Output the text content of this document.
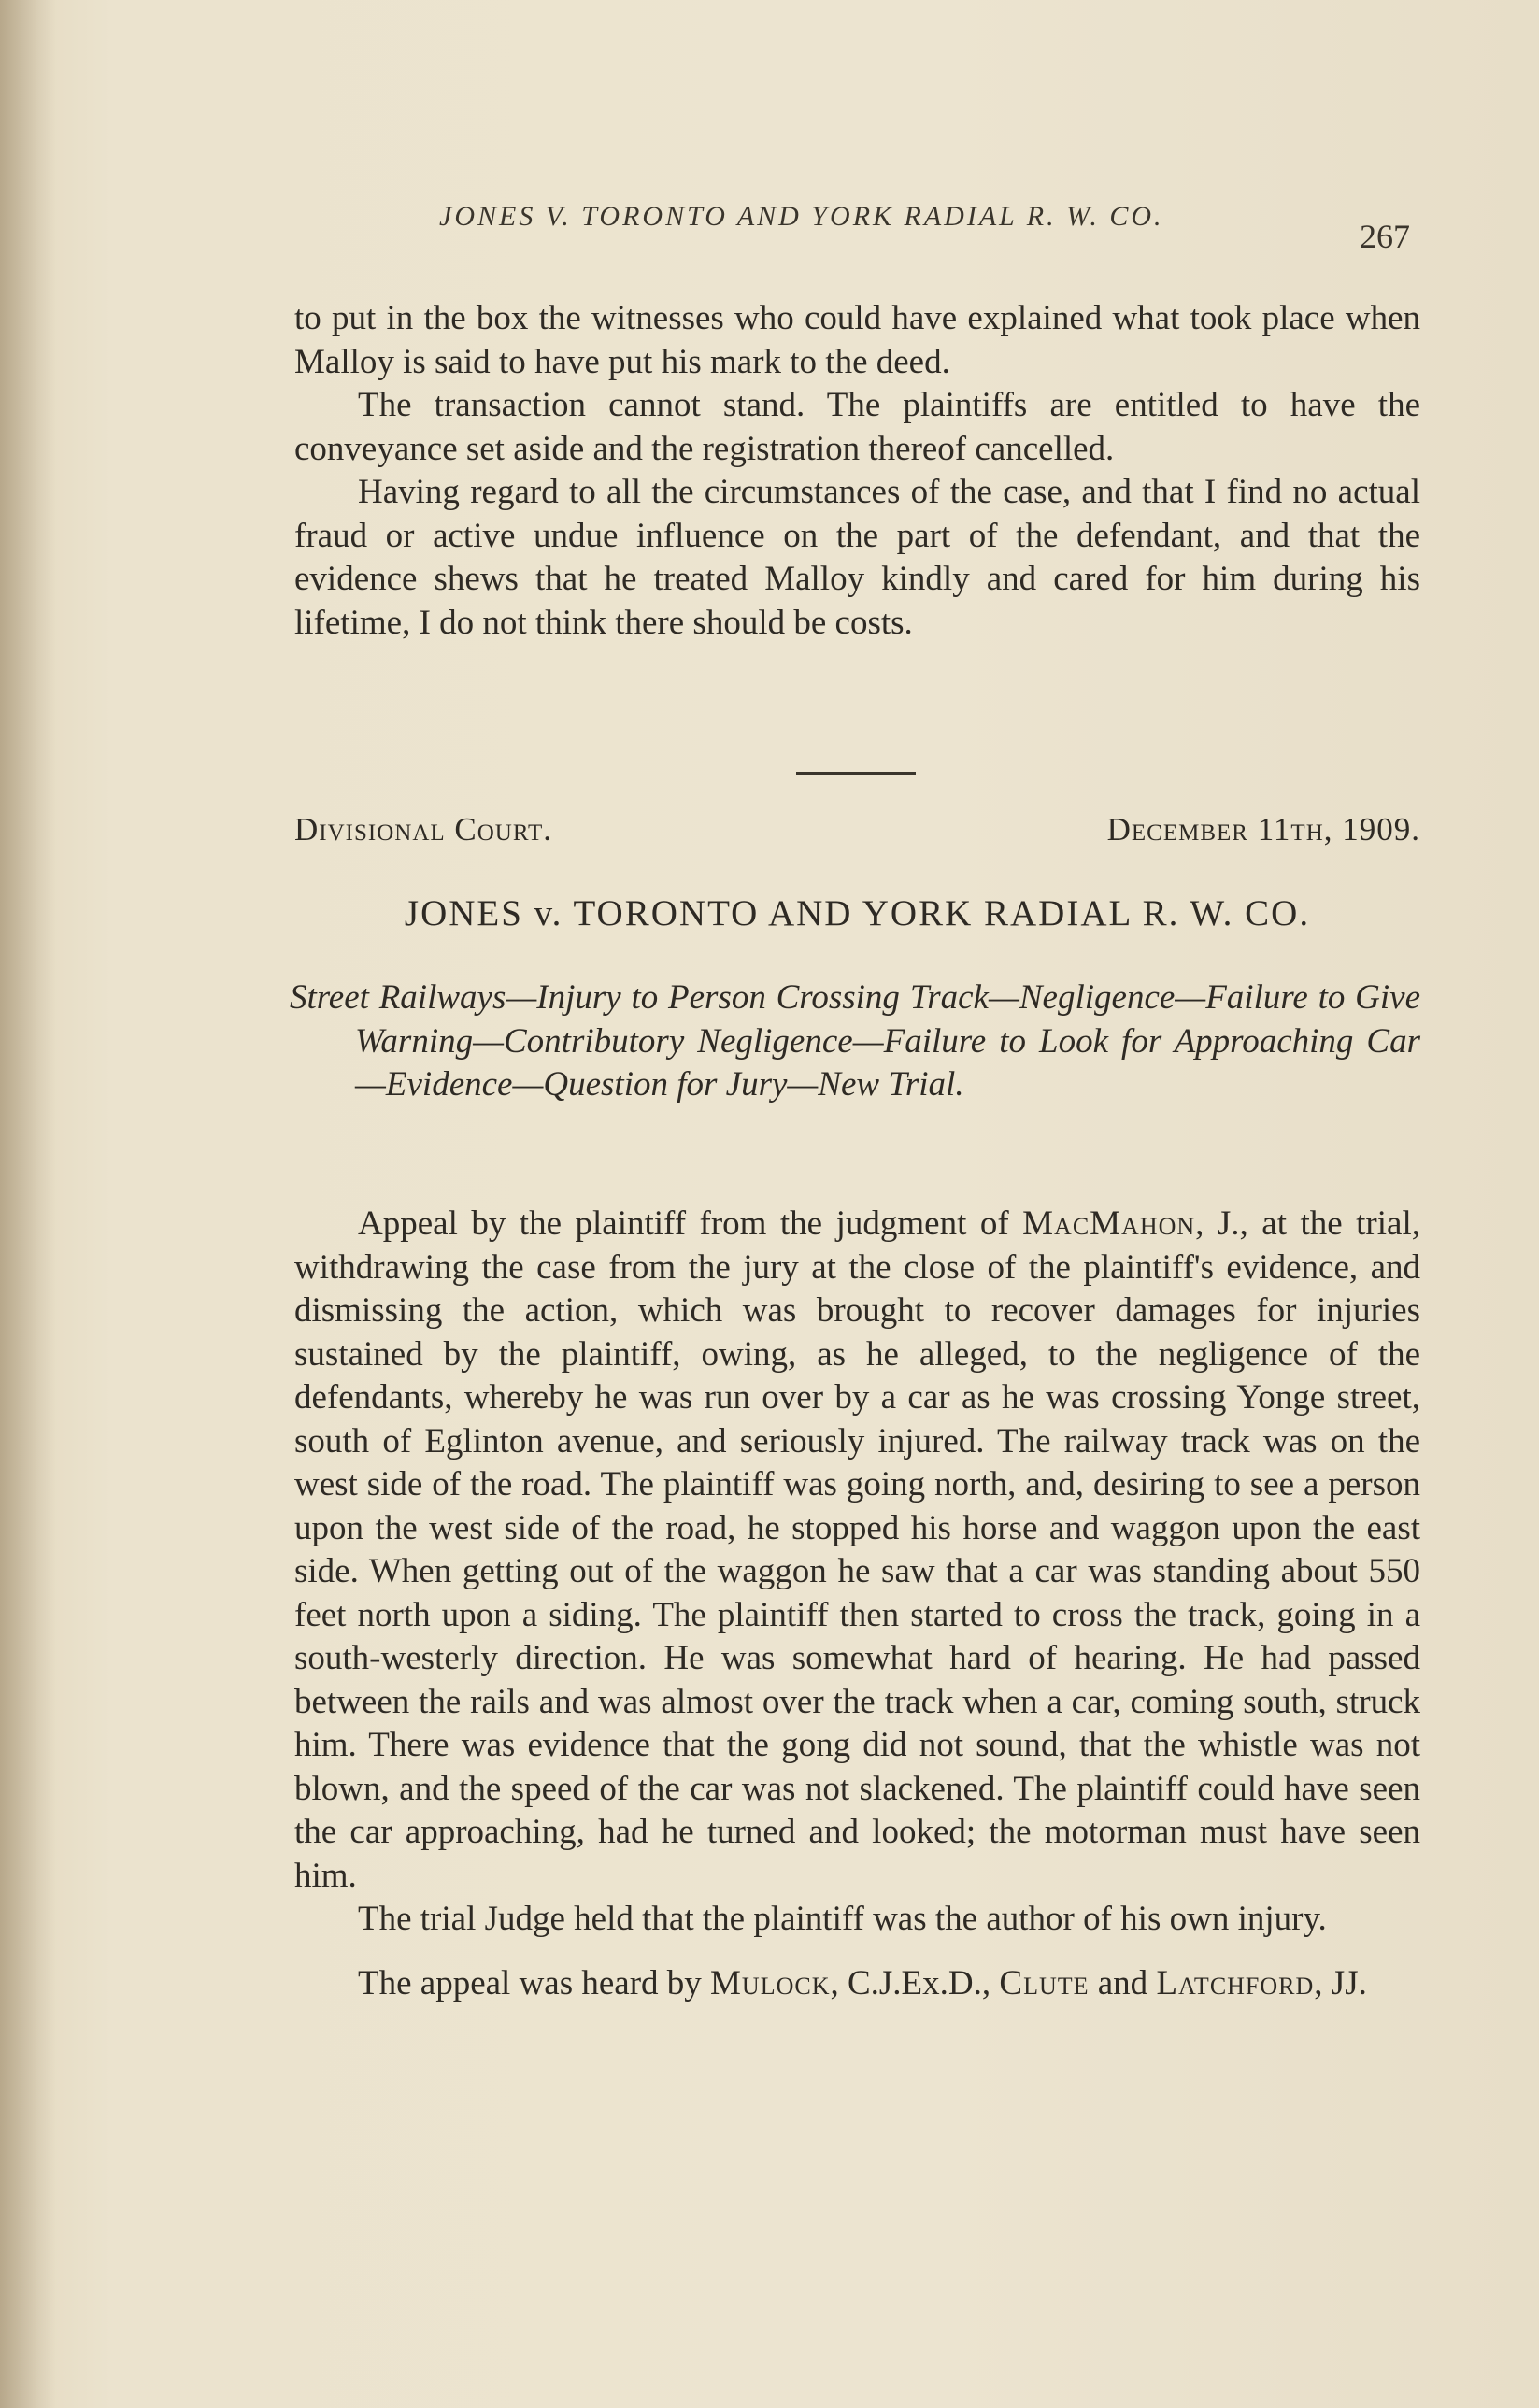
JONES V. TORONTO AND YORK RADIAL R. W. CO.
267

to put in the box the witnesses who could have explained what took place when Malloy is said to have put his mark to the deed.

The transaction cannot stand. The plaintiffs are entitled to have the conveyance set aside and the registration thereof cancelled.

Having regard to all the circumstances of the case, and that I find no actual fraud or active undue influence on the part of the defendant, and that the evidence shews that he treated Malloy kindly and cared for him during his lifetime, I do not think there should be costs.

Divisional Court.	December 11th, 1909.
JONES v. TORONTO AND YORK RADIAL R. W. CO.

Street Railways—Injury to Person Crossing Track—Negligence—Failure to Give Warning—Contributory Negligence—Failure to Look for Approaching Car—Evidence—Question for Jury—New Trial.

Appeal by the plaintiff from the judgment of MacMahon, J., at the trial, withdrawing the case from the jury at the close of the plaintiff's evidence, and dismissing the action, which was brought to recover damages for injuries sustained by the plaintiff, owing, as he alleged, to the negligence of the defendants, whereby he was run over by a car as he was crossing Yonge street, south of Eglinton avenue, and seriously injured. The railway track was on the west side of the road. The plaintiff was going north, and, desiring to see a person upon the west side of the road, he stopped his horse and waggon upon the east side. When getting out of the waggon he saw that a car was standing about 550 feet north upon a siding. The plaintiff then started to cross the track, going in a south-westerly direction. He was somewhat hard of hearing. He had passed between the rails and was almost over the track when a car, coming south, struck him. There was evidence that the gong did not sound, that the whistle was not blown, and the speed of the car was not slackened. The plaintiff could have seen the car approaching, had he turned and looked; the motorman must have seen him.

The trial Judge held that the plaintiff was the author of his own injury.

The appeal was heard by Mulock, C.J.Ex.D., Clute and Latchford, JJ.
